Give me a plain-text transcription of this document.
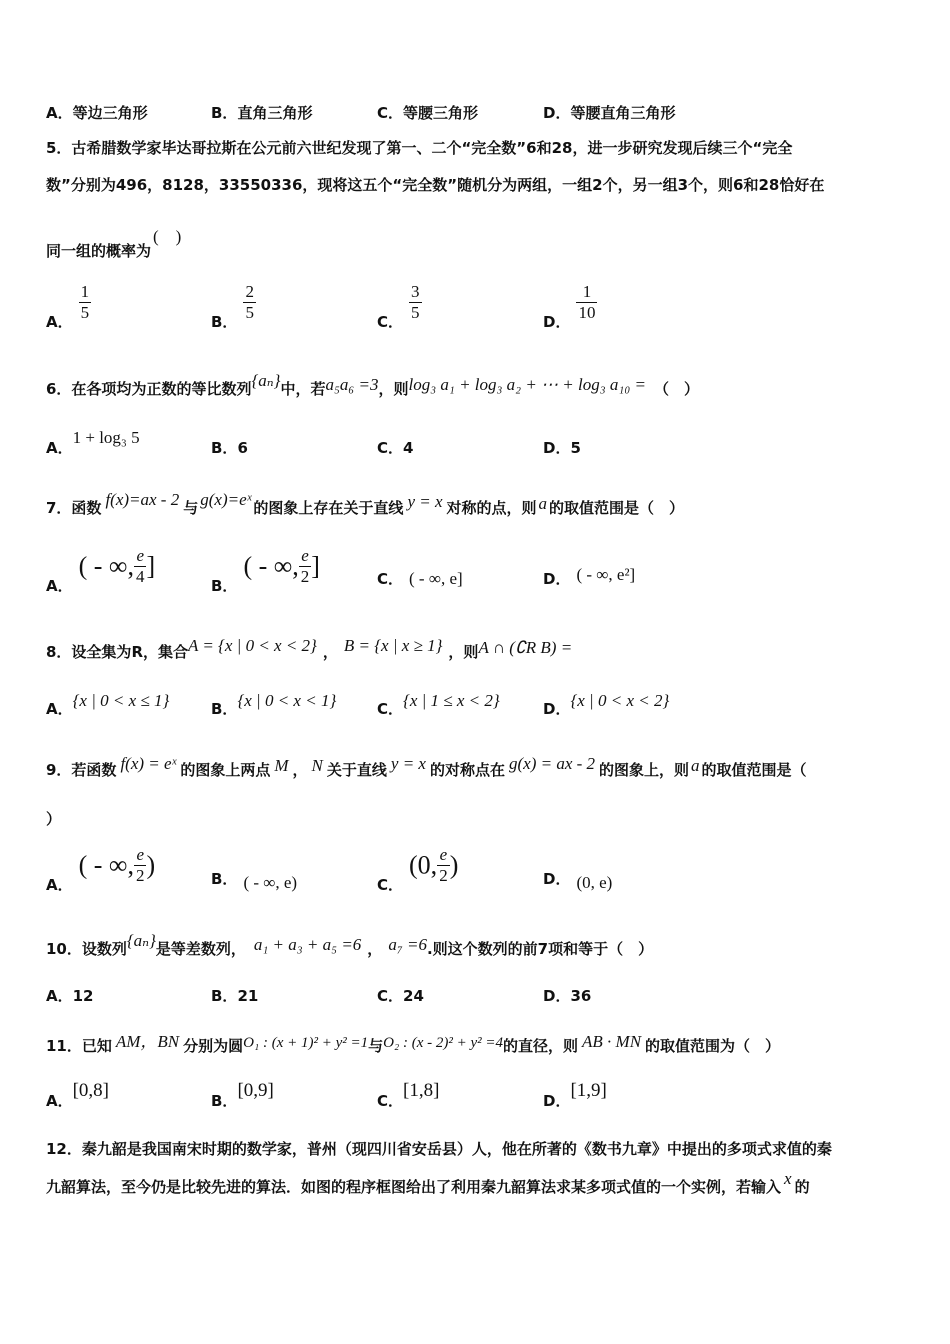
A．等边三角形	B．直角三角形	C．等腰三角形	D．等腰直角三角形
5．古希腊数学家毕达哥拉斯在公元前六世纪发现了第一、二个“完全数”6和28，进一步研究发现后续三个“完全
数”分别为496，8128，33550336，现将这五个“完全数”随机分为两组，一组2个，另一组3个，则6和28恰好在
同一组的概率为(　)
A． $\frac{1}{5}$	B． $\frac{2}{5}$	C． $\frac{3}{5}$	D． $\frac{1}{10}$
6．在各项均为正数的等比数列{aₙ}中，若a₅a₆ =3，则log₃ a₁ + log₃ a₂ + ⋯ + log₃ a₁₀ = （　）
A．1 + log₃ 5
B．6	C．4	D．5
7．函数 f(x)=ax - 2 与 g(x)=eˣ 的图象上存在关于直线 y = x 对称的点，则 a 的取值范围是（　）
A．( - ∞, $\frac{e}{4}$ ]
B．( - ∞, $\frac{e}{2}$ ]	C． ( - ∞, e]	D． ( - ∞, e²]
8．设全集为R，集合A = {x | 0 < x < 2} ， B = {x | x ≥ 1} ，则A ∩ (∁R B) =
A．{x | 0 < x ≤ 1}	B．{x | 0 < x < 1}	C．{x | 1 ≤ x < 2}	D．{x | 0 < x < 2}
9．若函数 f(x) = eˣ 的图象上两点 M ， N 关于直线 y = x 的对称点在 g(x) = ax - 2 的图象上，则 a 的取值范围是（
）
A．( - ∞, $\frac{e}{2}$ )	B． ( - ∞, e)	C．(0, $\frac{e}{2}$ )	D． (0, e)
10．设数列{aₙ}是等差数列， a₁ + a₃ + a₅ =6 ， a₇ =6.则这个数列的前7项和等于（　）
A．12	B．21	C．24	D．36
11．已知 AM，BN 分别为圆O₁ : (x + 1)² + y² =1与O₂ : (x - 2)² + y² =4的直径，则 AB · MN 的取值范围为（　）
A．[0,8]	B．[0,9]	C．[1,8]	D．[1,9]
12．秦九韶是我国南宋时期的数学家，普州（现四川省安岳县）人，他在所著的《数书九章》中提出的多项式求值的秦
九韶算法，至今仍是比较先进的算法．如图的程序框图给出了利用秦九韶算法求某多项式值的一个实例，若输入 x 的
